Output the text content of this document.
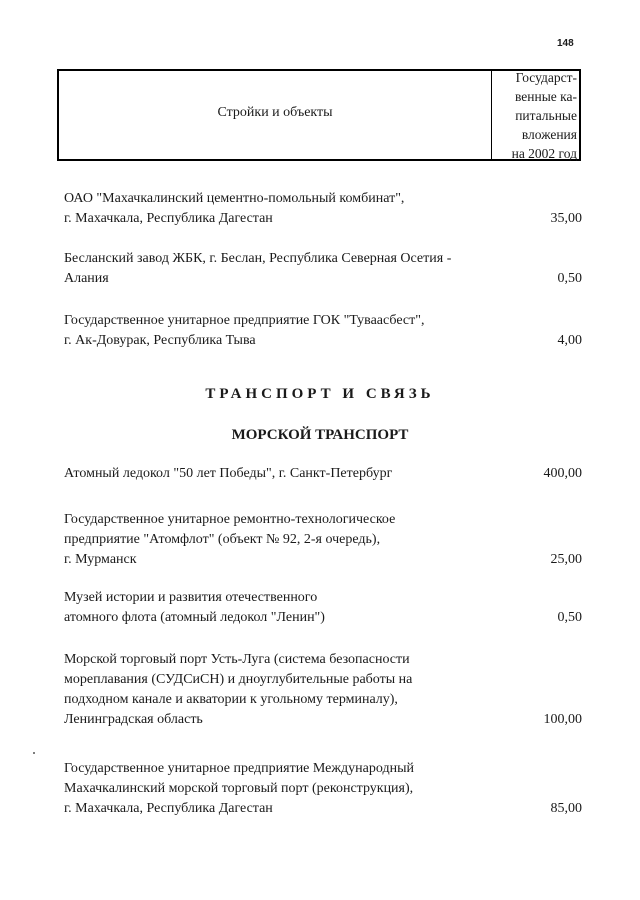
148
Стройки и объекты
Государст-
венные ка-
питальные
вложения
на 2002 год
ОАО "Махачкалинский цементно-помольный комбинат",
г. Махачкала, Республика Дагестан	35,00
Бесланский завод ЖБК, г. Беслан, Республика Северная Осетия -
Алания	0,50
Государственное унитарное предприятие ГОК "Туваасбест",
г. Ак-Довурак, Республика Тыва	4,00
ТРАНСПОРТ И СВЯЗЬ
МОРСКОЙ ТРАНСПОРТ
Атомный ледокол "50 лет Победы", г. Санкт-Петербург	400,00
Государственное унитарное ремонтно-технологическое
предприятие "Атомфлот" (объект № 92, 2-я очередь),
г. Мурманск	25,00
Музей истории и развития отечественного
атомного флота (атомный ледокол "Ленин")	0,50
Морской торговый порт Усть-Луга (система безопасности
мореплавания (СУДСиСН) и дноуглубительные работы на
подходном канале и акватории к угольному терминалу),
Ленинградская область	100,00
Государственное унитарное предприятие Международный
Махачкалинский морской торговый порт (реконструкция),
г. Махачкала, Республика Дагестан	85,00
